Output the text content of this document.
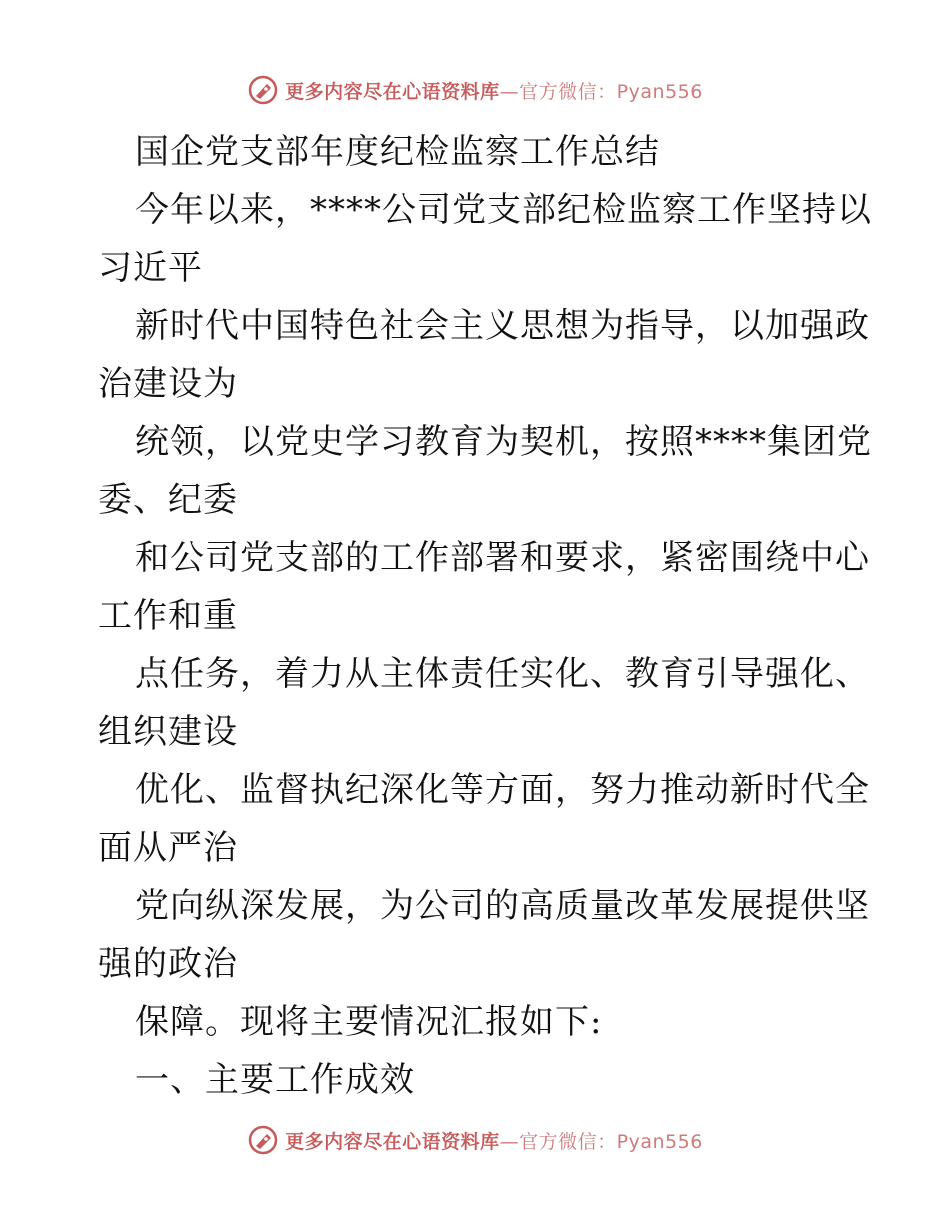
更多内容尽在心语资料库—官方微信：Pyan556
国企党支部年度纪检监察工作总结
今年以来，****公司党支部纪检监察工作坚持以
习近平
新时代中国特色社会主义思想为指导，以加强政
治建设为
统领，以党史学习教育为契机，按照****集团党
委、纪委
和公司党支部的工作部署和要求，紧密围绕中心
工作和重
点任务，着力从主体责任实化、教育引导强化、
组织建设
优化、监督执纪深化等方面，努力推动新时代全
面从严治
党向纵深发展，为公司的高质量改革发展提供坚
强的政治
保障。现将主要情况汇报如下:
一、主要工作成效
更多内容尽在心语资料库—官方微信：Pyan556
